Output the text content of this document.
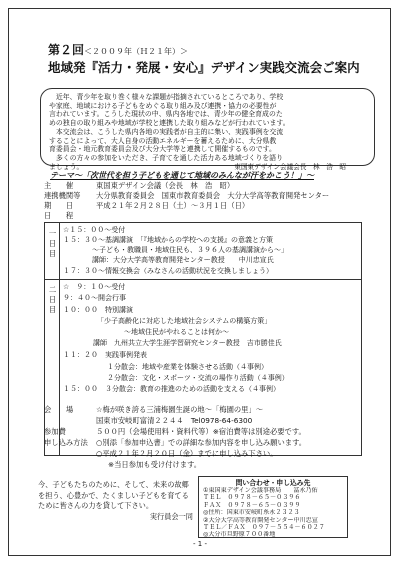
第２回＜２００９年（Ｈ２１年）＞
地域発『活力・発展・安心』デザイン実践交流会ご案内
　近年、青少年を取り巻く様々な課題が指摘されているところであり、学校
や家庭、地域における子どもをめぐる取り組み及び連携・協力の必要性が
言われています。こうした現状の中、県内各地では、青少年の健全育成のた
めの独自の取り組みや地域が学校と連携した取り組みなどが行われています。
　本交流会は、こうした県内各地の実践者が自主的に集い、実践事例を交流
することによって、大人自身の活動エネルギーを蓄えるために、大分県教
育委員会・地元教育委員会及び大分大学等と連携して開催するものです。
　多くの方々の参加をいただき、子育てを通した活力ある地域づくりを語り
ましょう。	東国東デザイン会議会長　林　浩　昭
テーマ～「次世代を担う子どもを通じて地域のみんなが汗をかこう！」～
主　　催	東国東デザイン会議（会長　林　浩　昭）
連携機関等 大分県教育委員会　国東市教育委員会　大分大学高等教育開発センター
期　　日	平成２１年２月２８日（土）～３月１日（日）
日　　程
一日目
☆１５：００～受付
１５：３０～基調講演　「『地域からの学校への支援』の意義と方策
　～子ども・教職員・地域住民も、３９６人の基調講演から～」
　講師：大分大学高等教育開発センター教授　　中川忠宣氏
１７：３０～情報交換会（みなさんの活動状況を交換しましょう）
二日目
☆　９：１０～受付
９：４０～開会行事
１０：００　特別講演
「少子高齢化に対応した地域社会システムの構築方策」
　～地域住民がやれることは何か～
講師　九州共立大学生涯学習研究センター教授　吉市勝佳氏
１１：２０　実践事例発表
１分散会：地域や産業を体験させる活動（４事例）
２分散会：文化・スポーツ・交流の場作り活動（４事例）
１５：００　３分散会：教育の推進のための活動を支える（４事例）
会　　場	☆梅が咲き誇る三浦梅園生誕の地～「梅園の里」～
国東市安岐町富清２２４４　Tel0978-64-6300
参加費	５００円（会場使用料・資料代等）※宿泊費等は別途必要です。
申し込み方法 ○別添「参加申込書」での詳細な参加内容を申し込み願います。
○平成２１年２月２０日（金）までに申し込み下さい。
※当日参加も受け付けます。
今、子どもたちのために、そして、未来の故郷を担う、心豊かで、たくましい子どもを育てるために皆さんの力を貸して下さい。
実行員会一同
問い合わせ・申し込み先
①東国東デザイン会議事務局　　冨永乃佑
ＴＥＬ　０９７８－６５－０３９６
ＦＡＸ　０９７８－６５－０３９９
◎住所：国東市安岐町糸永２３２３
②大分大学高等教育開発センター中川忠宣
ＴＥＬ／ＦＡＸ　０９７－５５４－６０２７
◎大分市旦野原７００番地
- 1 -
